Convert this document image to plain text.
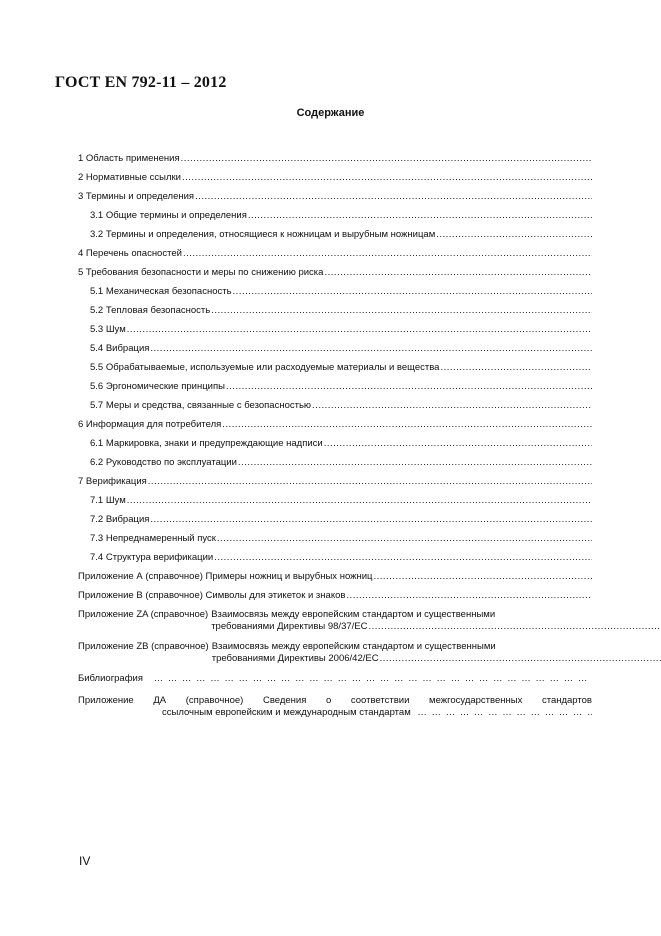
ГОСТ EN 792-11 – 2012
Содержание
1 Область применения
.....
2 Нормативные ссылки
.....
3 Термины и определения
.....
3.1 Общие термины и определения
.....
3.2 Термины и определения, относящиеся к ножницам и вырубным ножницам
.....
4 Перечень опасностей
.....
5 Требования безопасности и меры по снижению риска
.....
5.1 Механическая безопасность
.....
5.2 Тепловая безопасность
.....
5.3 Шум
.....
5.4 Вибрация
.....
5.5 Обрабатываемые, используемые или расходуемые материалы и вещества
.....
5.6 Эргономические принципы
.....
5.7 Меры и средства, связанные с безопасностью
.....
6 Информация для потребителя
.....
6.1 Маркировка, знаки и предупреждающие надписи
.....
6.2 Руководство по эксплуатации
.....
7 Верификация
.....
7.1 Шум
.....
7.2 Вибрация
.....
7.3 Непреднамеренный пуск
.....
7.4 Структура верификации
.....
Приложение А (справочное) Примеры ножниц и вырубных ножниц
.....
Приложение В (справочное) Символы для этикеток и знаков
.....
Приложение ZA (справочное) Взаимосвязь между европейским стандартом и существенными
требованиями Директивы 98/37/ЕС
.....
Приложение ZB (справочное) Взаимосвязь между европейским стандартом и существенными
требованиями Директивы 2006/42/ЕС
.....
Библиография … … … … … … … … … … … … … … … … … … … … … … … … … … … … … … … … … … … … … … … …
Приложение ДА (справочное) Сведения о соответствии межгосударственных стандартов
ссылочным европейским и международным стандартам … … … … … … … … … … … … … … … … … … … … … … … … … … … … … … … … … … … … … … … …
IV
